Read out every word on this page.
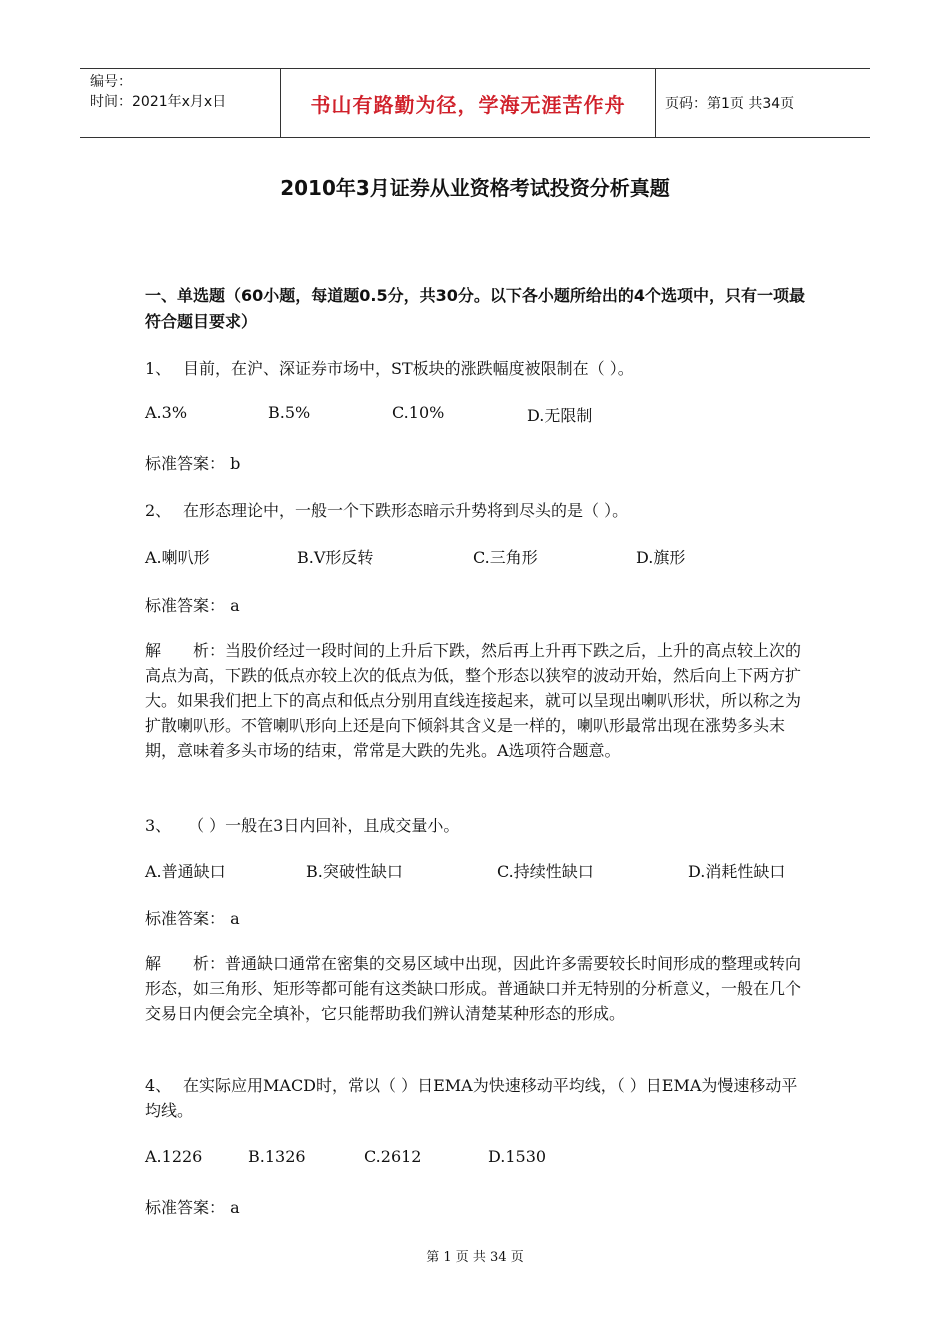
编号：
时间：2021年x月x日	书山有路勤为径，学海无涯苦作舟	页码：第1页 共34页
2010年3月证券从业资格考试投资分析真题
一、单选题（60小题，每道题0.5分，共30分。以下各小题所给出的4个选项中，只有一项最符合题目要求）
1、 目前，在沪、深证券市场中，ST板块的涨跌幅度被限制在（ ）。
A.3%	B.5%	C.10%	D.无限制
标准答案： b
2、 在形态理论中，一般一个下跌形态暗示升势将到尽头的是（ ）。
A.喇叭形	B.V形反转	C.三角形	D.旗形
标准答案： a
解　　析：当股价经过一段时间的上升后下跌，然后再上升再下跌之后，上升的高点较上次的高点为高，下跌的低点亦较上次的低点为低，整个形态以狭窄的波动开始，然后向上下两方扩大。如果我们把上下的高点和低点分别用直线连接起来，就可以呈现出喇叭形状，所以称之为扩散喇叭形。不管喇叭形向上还是向下倾斜其含义是一样的，喇叭形最常出现在涨势多头末期，意味着多头市场的结束，常常是大跌的先兆。A选项符合题意。
3、 （ ）一般在3日内回补，且成交量小。
A.普通缺口	B.突破性缺口	C.持续性缺口	D.消耗性缺口
标准答案： a
解　　析：普通缺口通常在密集的交易区域中出现，因此许多需要较长时间形成的整理或转向形态，如三角形、矩形等都可能有这类缺口形成。普通缺口并无特别的分析意义，一般在几个交易日内便会完全填补，它只能帮助我们辨认清楚某种形态的形成。
4、 在实际应用MACD时，常以（ ）日EMA为快速移动平均线，（ ）日EMA为慢速移动平均线。
A.1226	B.1326	C.2612	D.1530
标准答案： a
第 1 页 共 34 页
